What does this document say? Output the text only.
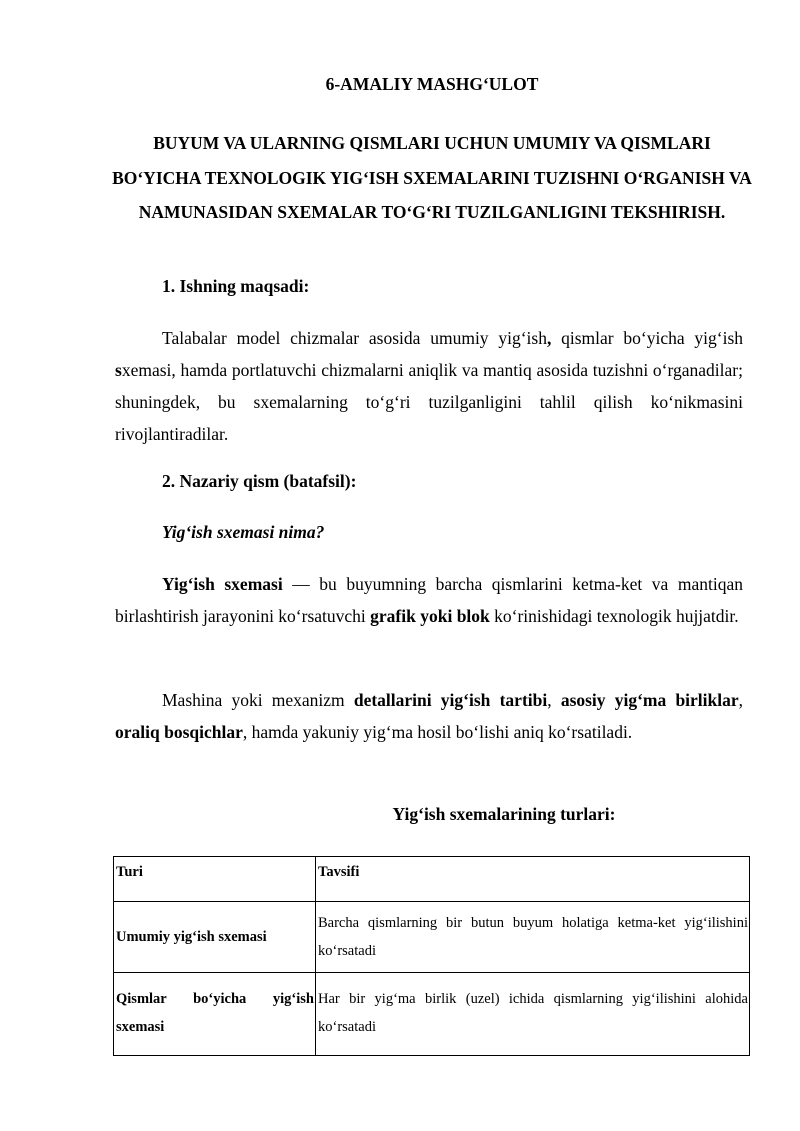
6-AMALIY MASHG‘ULOT
BUYUM VA ULARNING QISMLARI UCHUN UMUMIY VA QISMLARI BO‘YICHA TEXNOLOGIK YIG‘ISH SXEMALARINI TUZISHNI O‘RGANISH VA NAMUNASIDAN SXEMALAR TO‘G‘RI TUZILGANLIGINI TEKSHIRISH.
1. Ishning maqsadi:
Talabalar model chizmalar asosida umumiy yig‘ish, qismlar bo‘yicha yig‘ish sxemasi, hamda portlatuvchi chizmalarni aniqlik va mantiq asosida tuzishni o‘rganadilar; shuningdek, bu sxemalarning to‘g‘ri tuzilganligini tahlil qilish ko‘nikmasini rivojlantiradilar.
2. Nazariy qism (batafsil):
Yig‘ish sxemasi nima?
Yig‘ish sxemasi — bu buyumning barcha qismlarini ketma-ket va mantiqan birlashtirish jarayonini ko‘rsatuvchi grafik yoki blok ko‘rinishidagi texnologik hujjatdir.
Mashina yoki mexanizm detallarini yig‘ish tartibi, asosiy yig‘ma birliklar, oraliq bosqichlar, hamda yakuniy yig‘ma hosil bo‘lishi aniq ko‘rsatiladi.
Yig‘ish sxemalarining turlari:
Turi	Tavsifi
Umumiy yig‘ish sxemasi	Barcha qismlarning bir butun buyum holatiga ketma-ket yig‘ilishini ko‘rsatadi
Qismlar bo‘yicha yig‘ish sxemasi	Har bir yig‘ma birlik (uzel) ichida qismlarning yig‘ilishini alohida ko‘rsatadi
